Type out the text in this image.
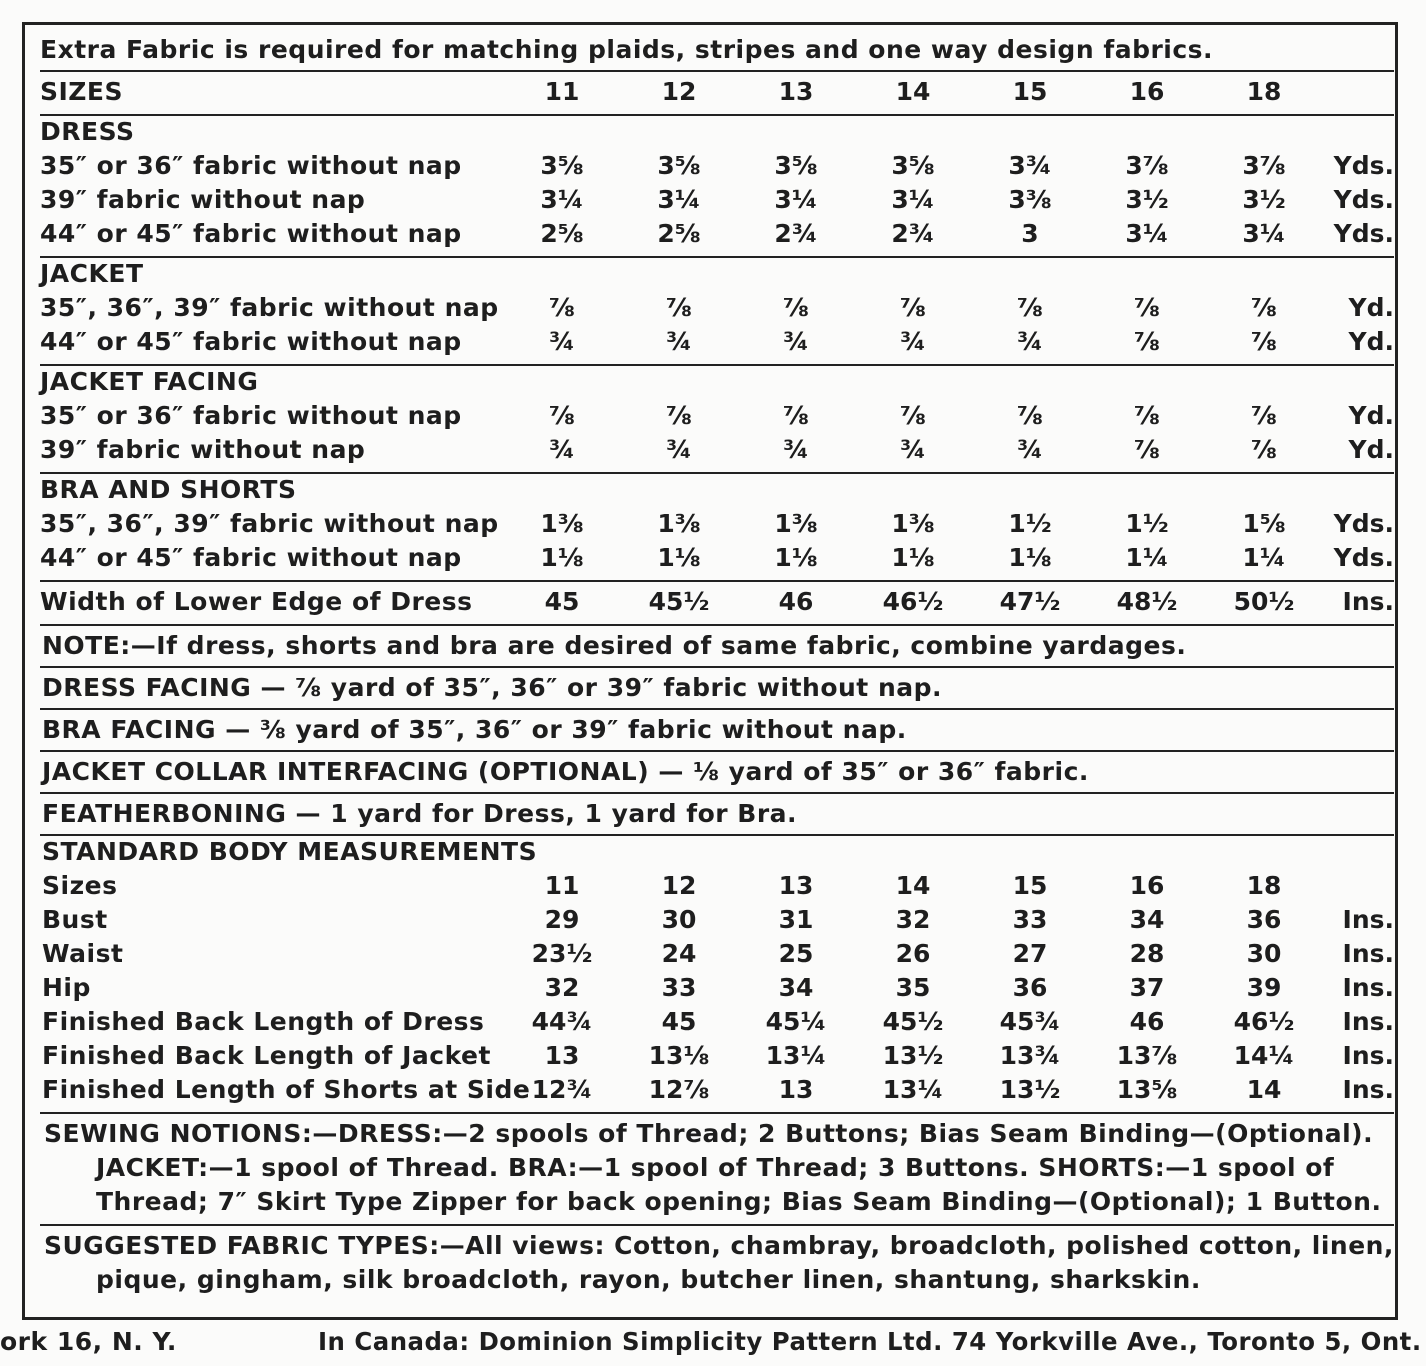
Extra Fabric is required for matching plaids, stripes and one way design fabrics.
SIZES	11	12	13	14	15	16	18
DRESS
35″ or 36″ fabric without nap	3⅝	3⅝	3⅝	3⅝	3¾	3⅞	3⅞	Yds.
39″ fabric without nap	3¼	3¼	3¼	3¼	3⅜	3½	3½	Yds.
44″ or 45″ fabric without nap	2⅝	2⅝	2¾	2¾	3	3¼	3¼	Yds.
JACKET
35″, 36″, 39″ fabric without nap	⅞	⅞	⅞	⅞	⅞	⅞	⅞	Yd.
44″ or 45″ fabric without nap	¾	¾	¾	¾	¾	⅞	⅞	Yd.
JACKET FACING
35″ or 36″ fabric without nap	⅞	⅞	⅞	⅞	⅞	⅞	⅞	Yd.
39″ fabric without nap	¾	¾	¾	¾	¾	⅞	⅞	Yd.
BRA AND SHORTS
35″, 36″, 39″ fabric without nap	1⅜	1⅜	1⅜	1⅜	1½	1½	1⅝	Yds.
44″ or 45″ fabric without nap	1⅛	1⅛	1⅛	1⅛	1⅛	1¼	1¼	Yds.
Width of Lower Edge of Dress	45	45½	46	46½	47½	48½	50½	Ins.
NOTE:—If dress, shorts and bra are desired of same fabric, combine yardages.
DRESS FACING — ⅞ yard of 35″, 36″ or 39″ fabric without nap.
BRA FACING — ⅜ yard of 35″, 36″ or 39″ fabric without nap.
JACKET COLLAR INTERFACING (OPTIONAL) — ⅛ yard of 35″ or 36″ fabric.
FEATHERBONING — 1 yard for Dress, 1 yard for Bra.
STANDARD BODY MEASUREMENTS
Sizes	11	12	13	14	15	16	18
Bust	29	30	31	32	33	34	36	Ins.
Waist	23½	24	25	26	27	28	30	Ins.
Hip	32	33	34	35	36	37	39	Ins.
Finished Back Length of Dress	44¾	45	45¼	45½	45¾	46	46½	Ins.
Finished Back Length of Jacket	13	13⅛	13¼	13½	13¾	13⅞	14¼	Ins.
Finished Length of Shorts at Side 12¾	12⅞	13	13¼	13½	13⅝	14	Ins.
SEWING NOTIONS:—DRESS:—2 spools of Thread; 2 Buttons; Bias Seam Binding—(Optional).
JACKET:—1 spool of Thread. BRA:—1 spool of Thread; 3 Buttons. SHORTS:—1 spool of
Thread; 7″ Skirt Type Zipper for back opening; Bias Seam Binding—(Optional); 1 Button.
SUGGESTED FABRIC TYPES:—All views: Cotton, chambray, broadcloth, polished cotton, linen,
pique, gingham, silk broadcloth, rayon, butcher linen, shantung, sharkskin.
ork 16, N. Y.	In Canada: Dominion Simplicity Pattern Ltd. 74 Yorkville Ave., Toronto 5, Ont.
